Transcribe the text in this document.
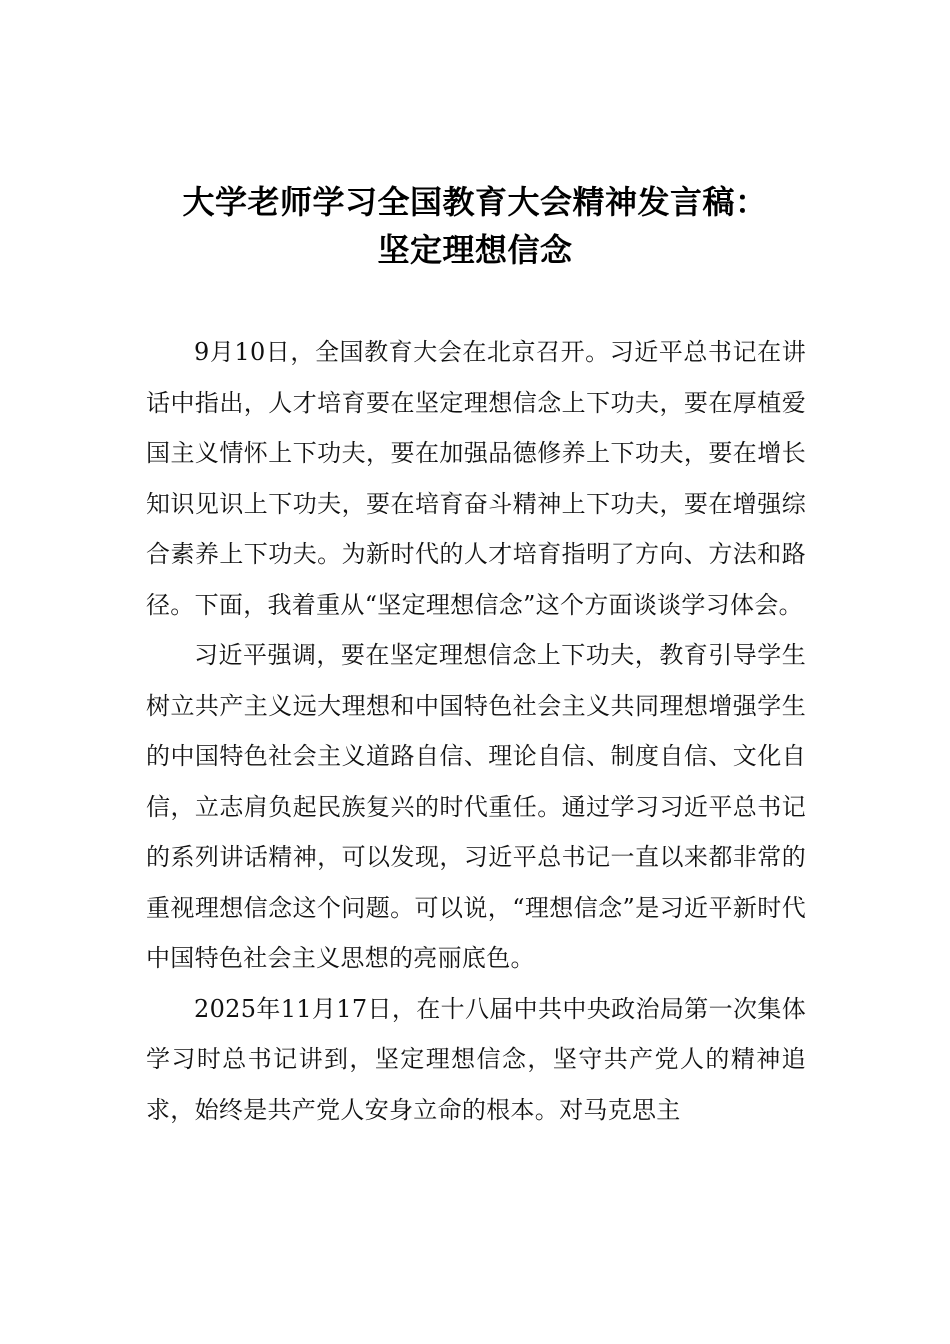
大学老师学习全国教育大会精神发言稿：
坚定理想信念

9月10日，全国教育大会在北京召开。习近平总书记在讲话中指出，人才培育要在坚定理想信念上下功夫，要在厚植爱国主义情怀上下功夫，要在加强品德修养上下功夫，要在增长知识见识上下功夫，要在培育奋斗精神上下功夫，要在增强综合素养上下功夫。为新时代的人才培育指明了方向、方法和路径。下面，我着重从“坚定理想信念”这个方面谈谈学习体会。

习近平强调，要在坚定理想信念上下功夫，教育引导学生树立共产主义远大理想和中国特色社会主义共同理想增强学生的中国特色社会主义道路自信、理论自信、制度自信、文化自信，立志肩负起民族复兴的时代重任。通过学习习近平总书记的系列讲话精神，可以发现，习近平总书记一直以来都非常的重视理想信念这个问题。可以说，“理想信念”是习近平新时代中国特色社会主义思想的亮丽底色。

2025年11月17日，在十八届中共中央政治局第一次集体学习时总书记讲到，坚定理想信念，坚守共产党人的精神追求，始终是共产党人安身立命的根本。对马克思主
